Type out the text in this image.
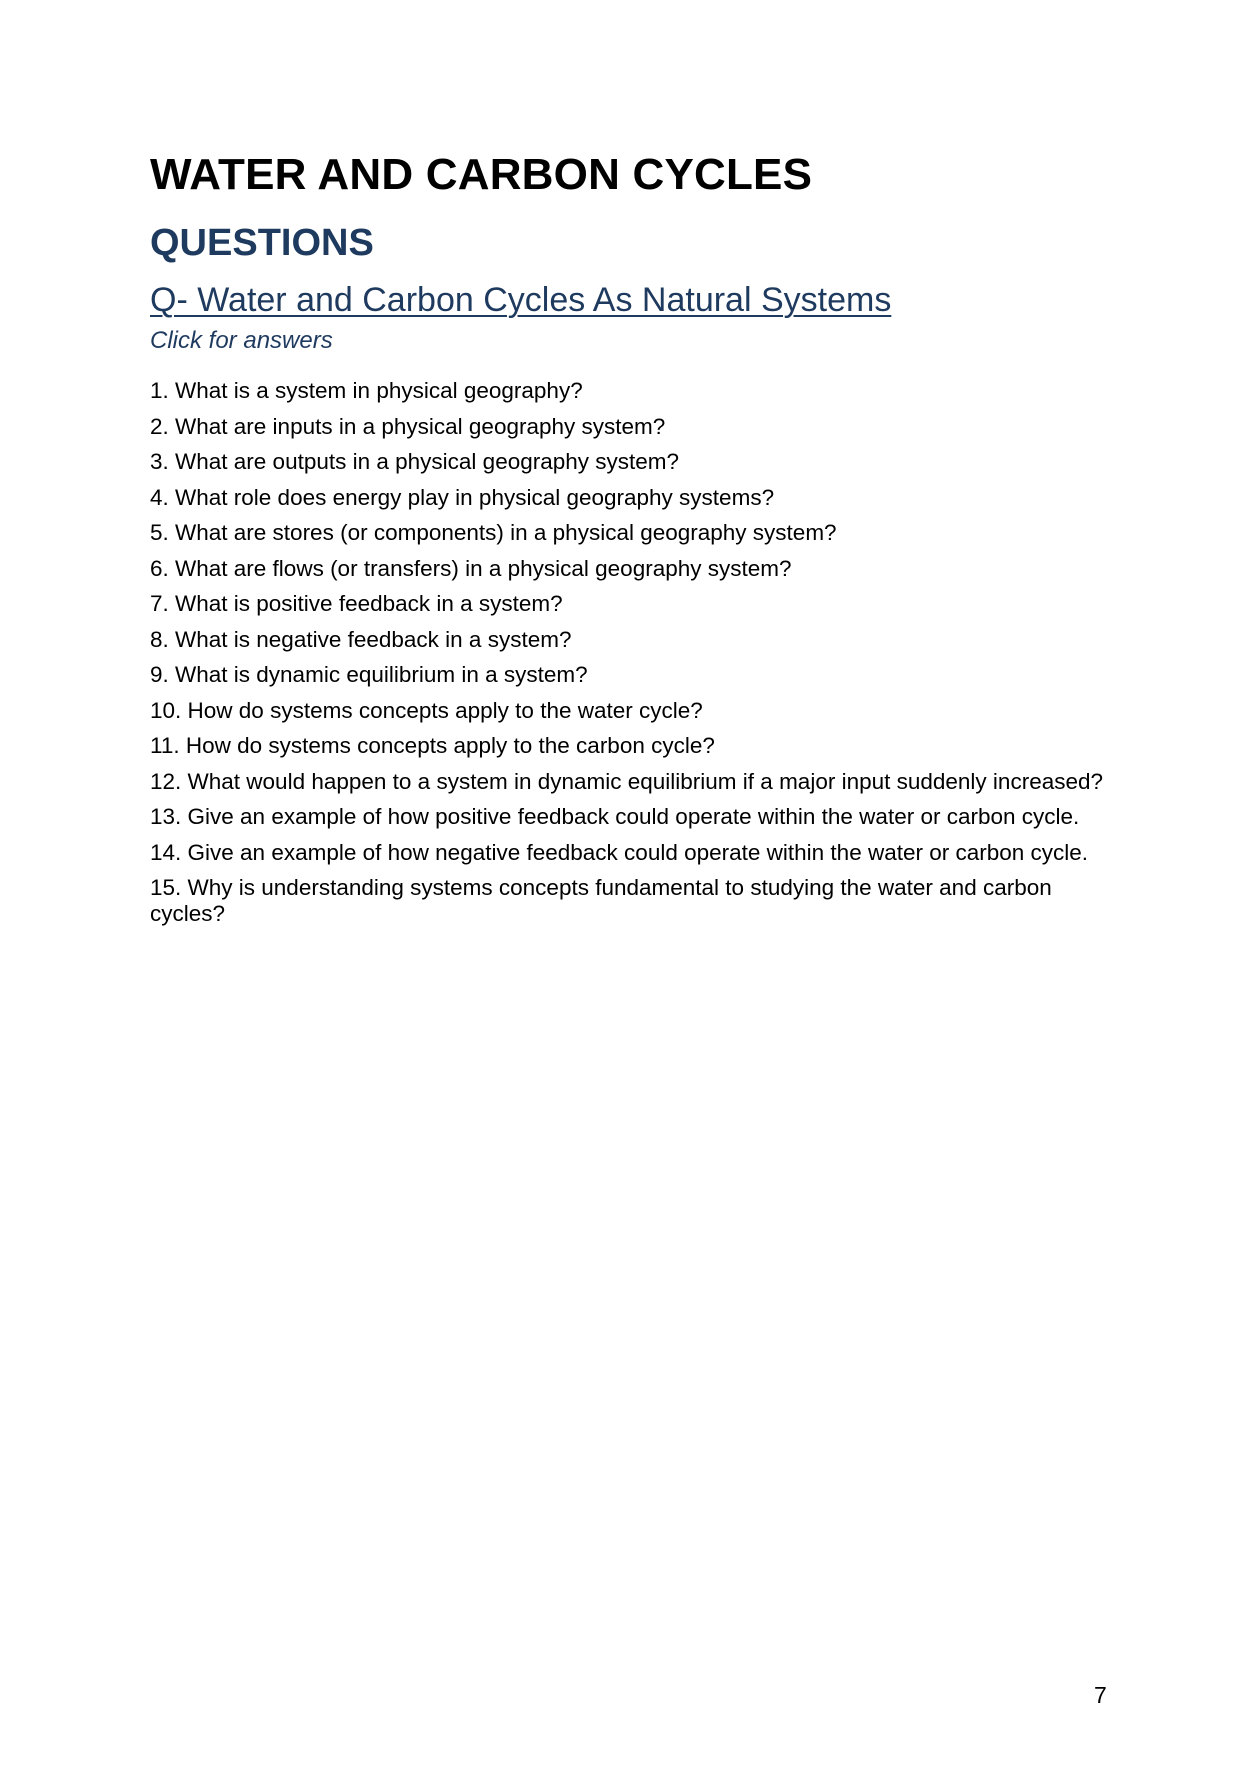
WATER AND CARBON CYCLES
QUESTIONS
Q- Water and Carbon Cycles As Natural Systems
Click for answers
1. What is a system in physical geography?
2. What are inputs in a physical geography system?
3. What are outputs in a physical geography system?
4. What role does energy play in physical geography systems?
5. What are stores (or components) in a physical geography system?
6. What are flows (or transfers) in a physical geography system?
7. What is positive feedback in a system?
8. What is negative feedback in a system?
9. What is dynamic equilibrium in a system?
10. How do systems concepts apply to the water cycle?
11. How do systems concepts apply to the carbon cycle?
12. What would happen to a system in dynamic equilibrium if a major input suddenly increased?
13. Give an example of how positive feedback could operate within the water or carbon cycle.
14. Give an example of how negative feedback could operate within the water or carbon cycle.
15. Why is understanding systems concepts fundamental to studying the water and carbon cycles?
7
